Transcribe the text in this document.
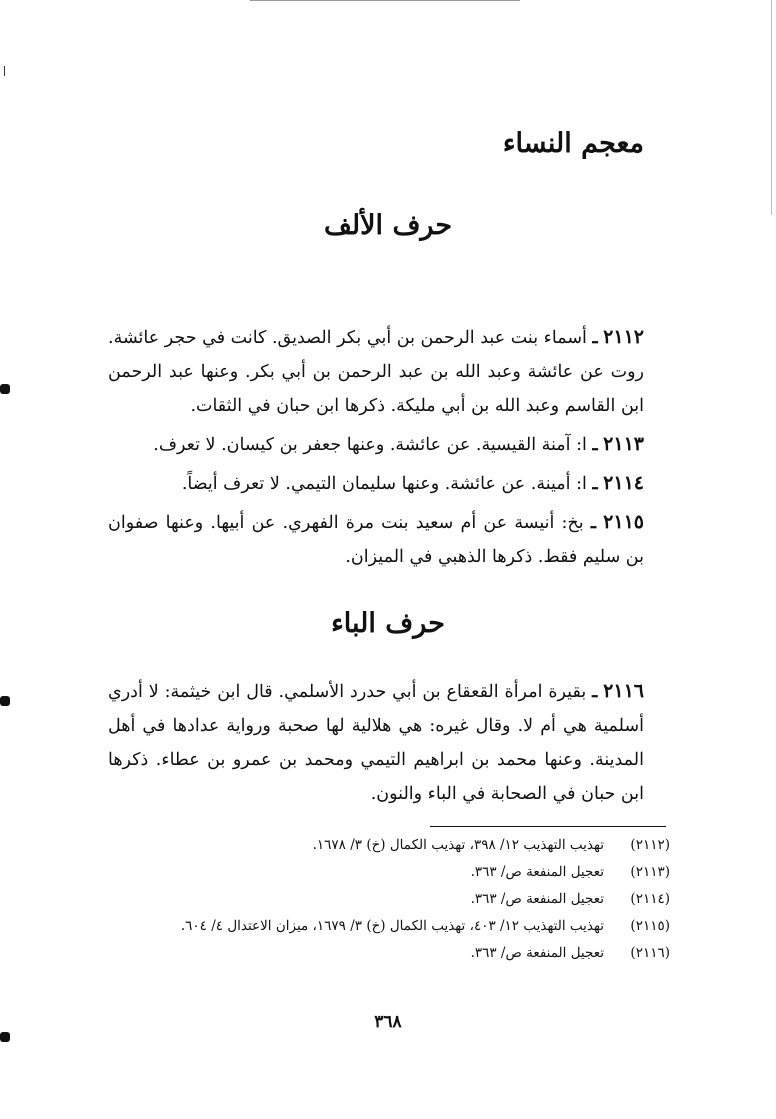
معجم النساء
حرف الألف

٢١١٢ ـ أسماء بنت عبد الرحمن بن أبي بكر الصديق. كانت في حجر عائشة. روت عن عائشة وعبد الله بن عبد الرحمن بن أبي بكر. وعنها عبد الرحمن ابن القاسم وعبد الله بن أبي مليكة. ذكرها ابن حبان في الثقات.

٢١١٣ ـ ا: آمنة القيسية. عن عائشة. وعنها جعفر بن كيسان. لا تعرف.

٢١١٤ ـ ا: أمينة. عن عائشة. وعنها سليمان التيمي. لا تعرف أيضاً.

٢١١٥ ـ بخ: أنيسة عن أم سعيد بنت مرة الفهري. عن أبيها. وعنها صفوان بن سليم فقط. ذكرها الذهبي في الميزان.

حرف الباء

٢١١٦ ـ بقيرة امرأة القعقاع بن أبي حدرد الأسلمي. قال ابن خيثمة: لا أدري أسلمية هي أم لا. وقال غيره: هي هلالية لها صحبة ورواية عدادها في أهل المدينة. وعنها محمد بن ابراهيم التيمي ومحمد بن عمرو بن عطاء. ذكرها ابن حبان في الصحابة في الباء والنون.

(٢١١٢)
تهذيب التهذيب ١٢/ ٣٩٨، تهذيب الكمال (خ) ٣/ ١٦٧٨.
(٢١١٣)
تعجيل المنفعة ص/ ٣٦٣.
(٢١١٤)
تعجيل المنفعة ص/ ٣٦٣.
(٢١١٥)
تهذيب التهذيب ١٢/ ٤٠٣، تهذيب الكمال (خ) ٣/ ١٦٧٩، ميزان الاعتدال ٤/ ٦٠٤.
(٢١١٦)
تعجيل المنفعة ص/ ٣٦٣.
٣٦٨
